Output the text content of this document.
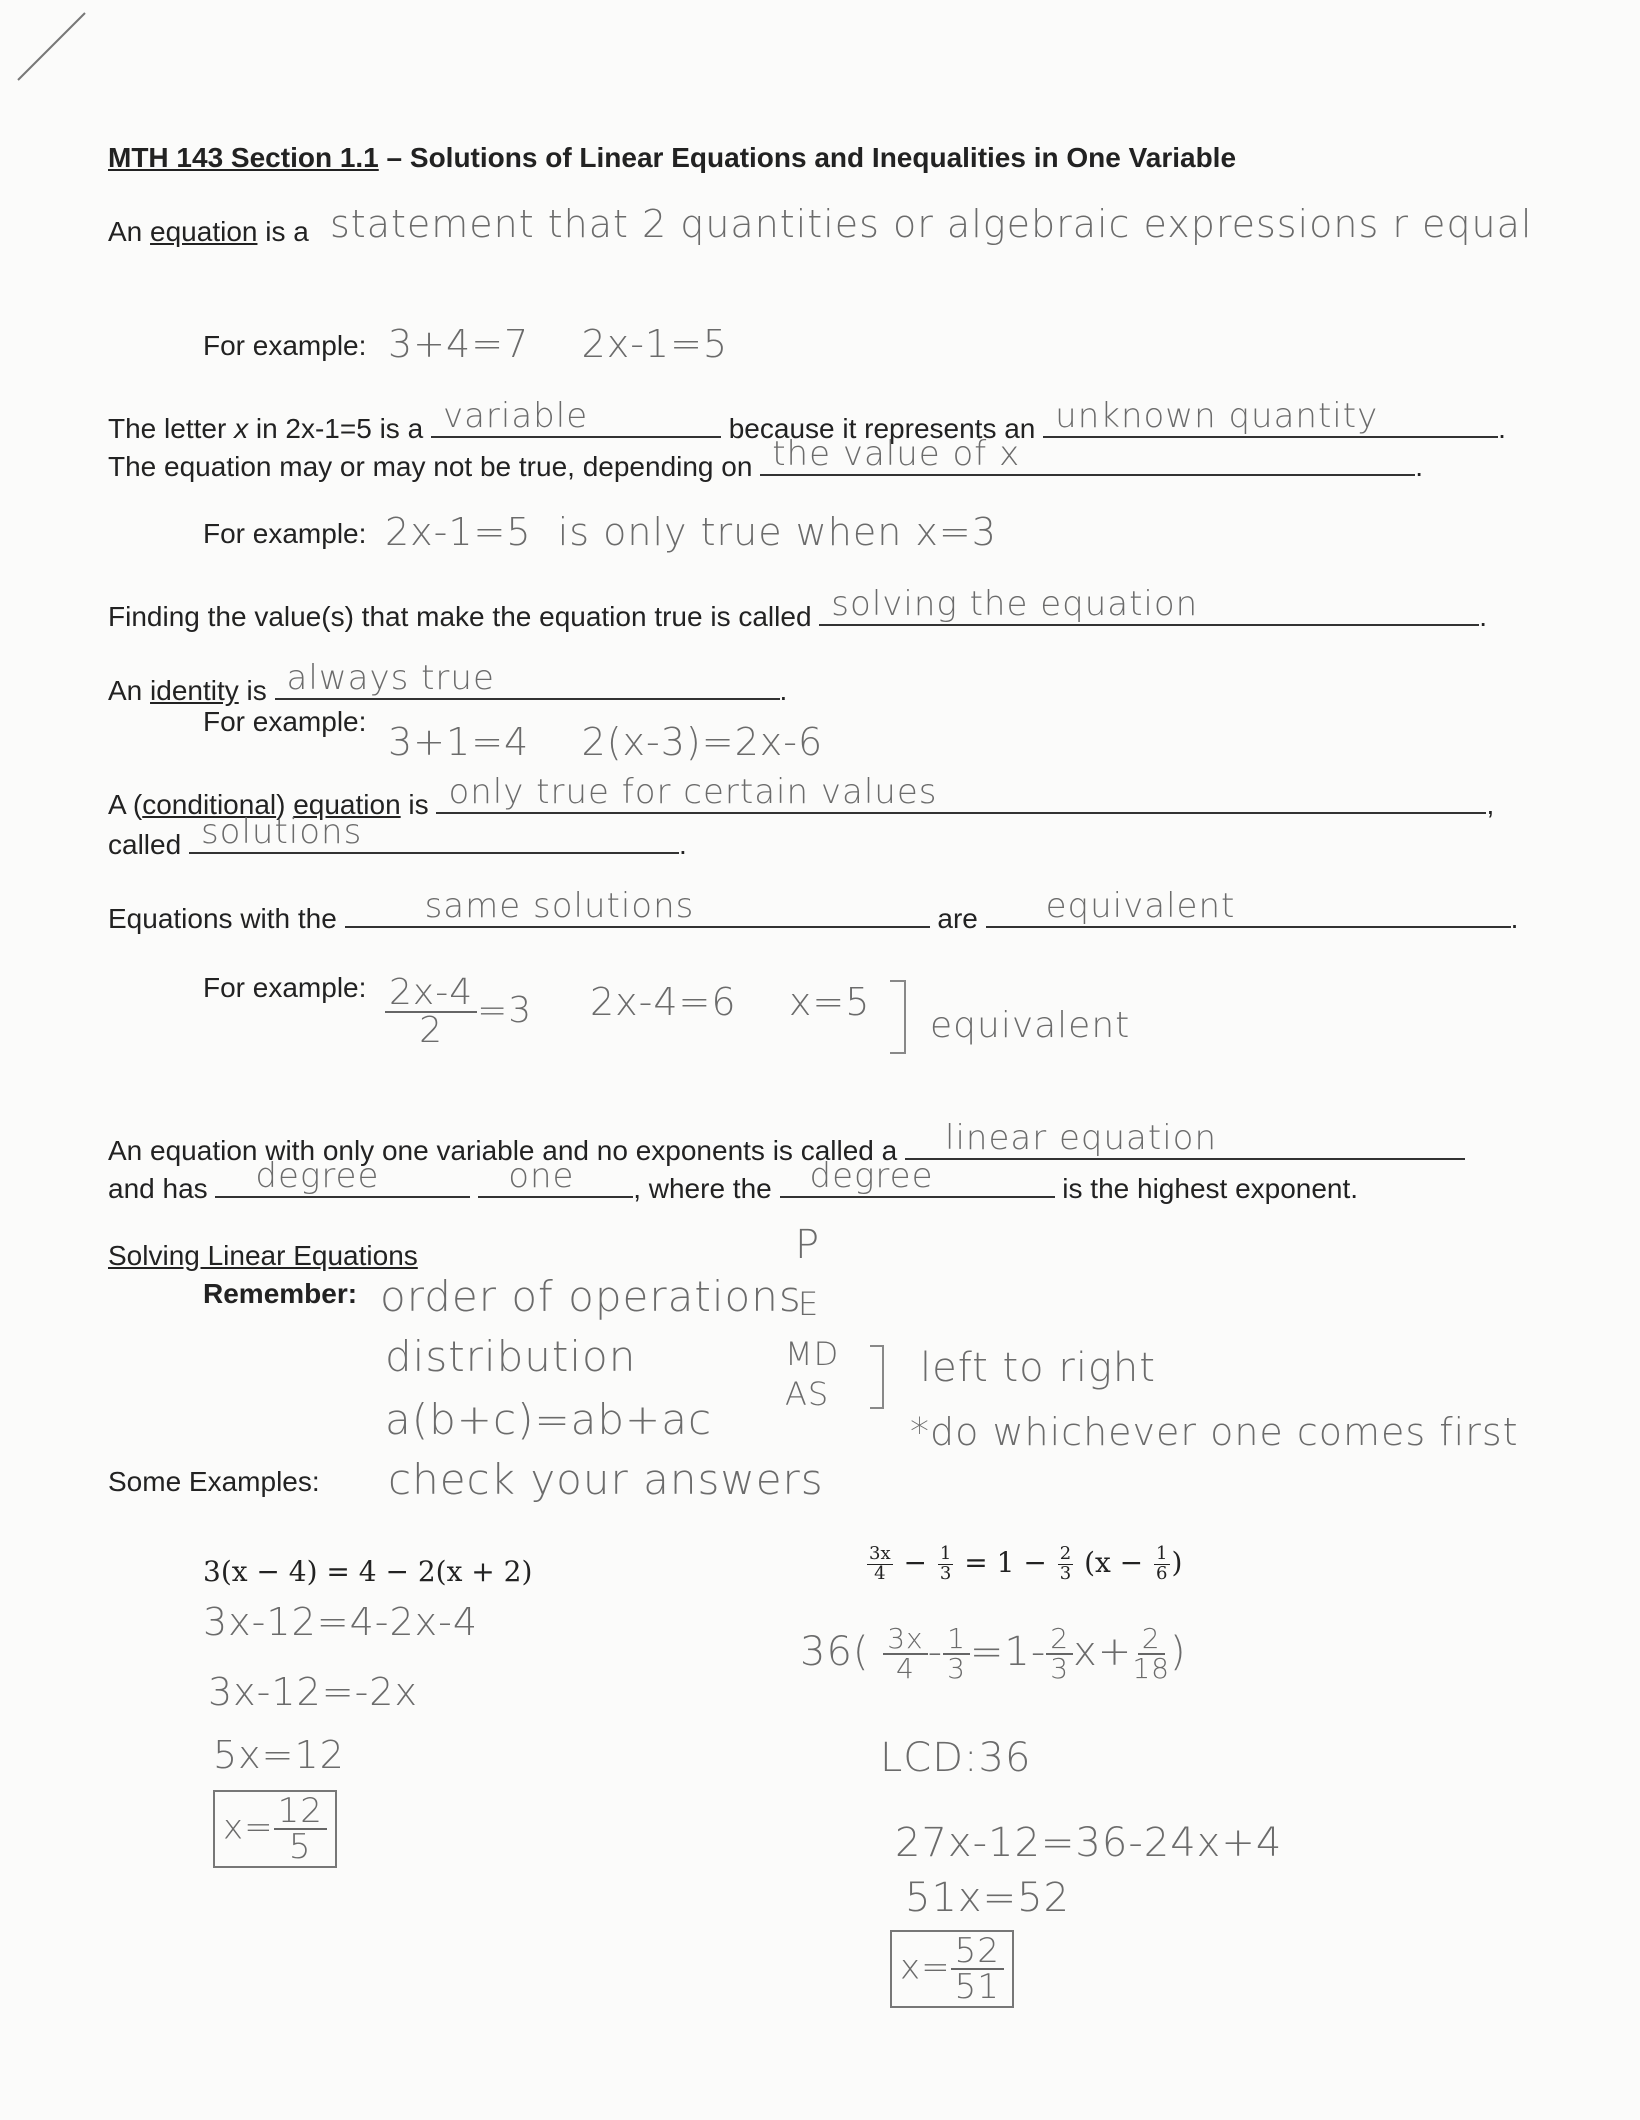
MTH 143 Section 1.1 – Solutions of Linear Equations and Inequalities in One Variable
An equation is a statement that 2 quantities or algebraic expressions r equal
For example: 3+4=7    2x-1=5
The letter x in 2x-1=5 is a variable	because it represents an unknown quantity	.
The equation may or may not be true, depending on the value of x	.
For example: 2x-1=5  is only true when x=3
Finding the value(s) that make the equation true is called solving the equation	.
An identity is always true	.
For example: 3+1=4    2(x-3)=2x-6
A (conditional) equation is only true for certain values	,
called solutions	.
Equations with the	same solutions	are equivalent	.
For example: $\frac{2x-4}{2} =3$ 2x-4=6    x=5
equivalent
An equation with only one variable and no exponents is called a linear equation
and has degree
	one , where the degree	is the highest exponent.
Solving Linear Equations
Remember: order of operations
distribution
a(b+c)=ab+ac
check your answers
P
E
MD
AS
left to right
*do whichever one comes first
Some Examples:
3(x − 4) = 4 − 2(x + 2)
3x-12=4-2x-4
3x-12=-2x
5x=12
$x= \frac{12}{5}$
$\frac{3x}{4} - \frac{1}{3} = 1 - \frac{2}{3} (x - \frac{1}{6}$ )
$36( \frac{3x}{4} - \frac{1}{3} =1- \frac{2}{3} x+ \frac{2}{18}$ )
LCD:36
27x-12=36-24x+4
51x=52
$x= \frac{52}{51}$
